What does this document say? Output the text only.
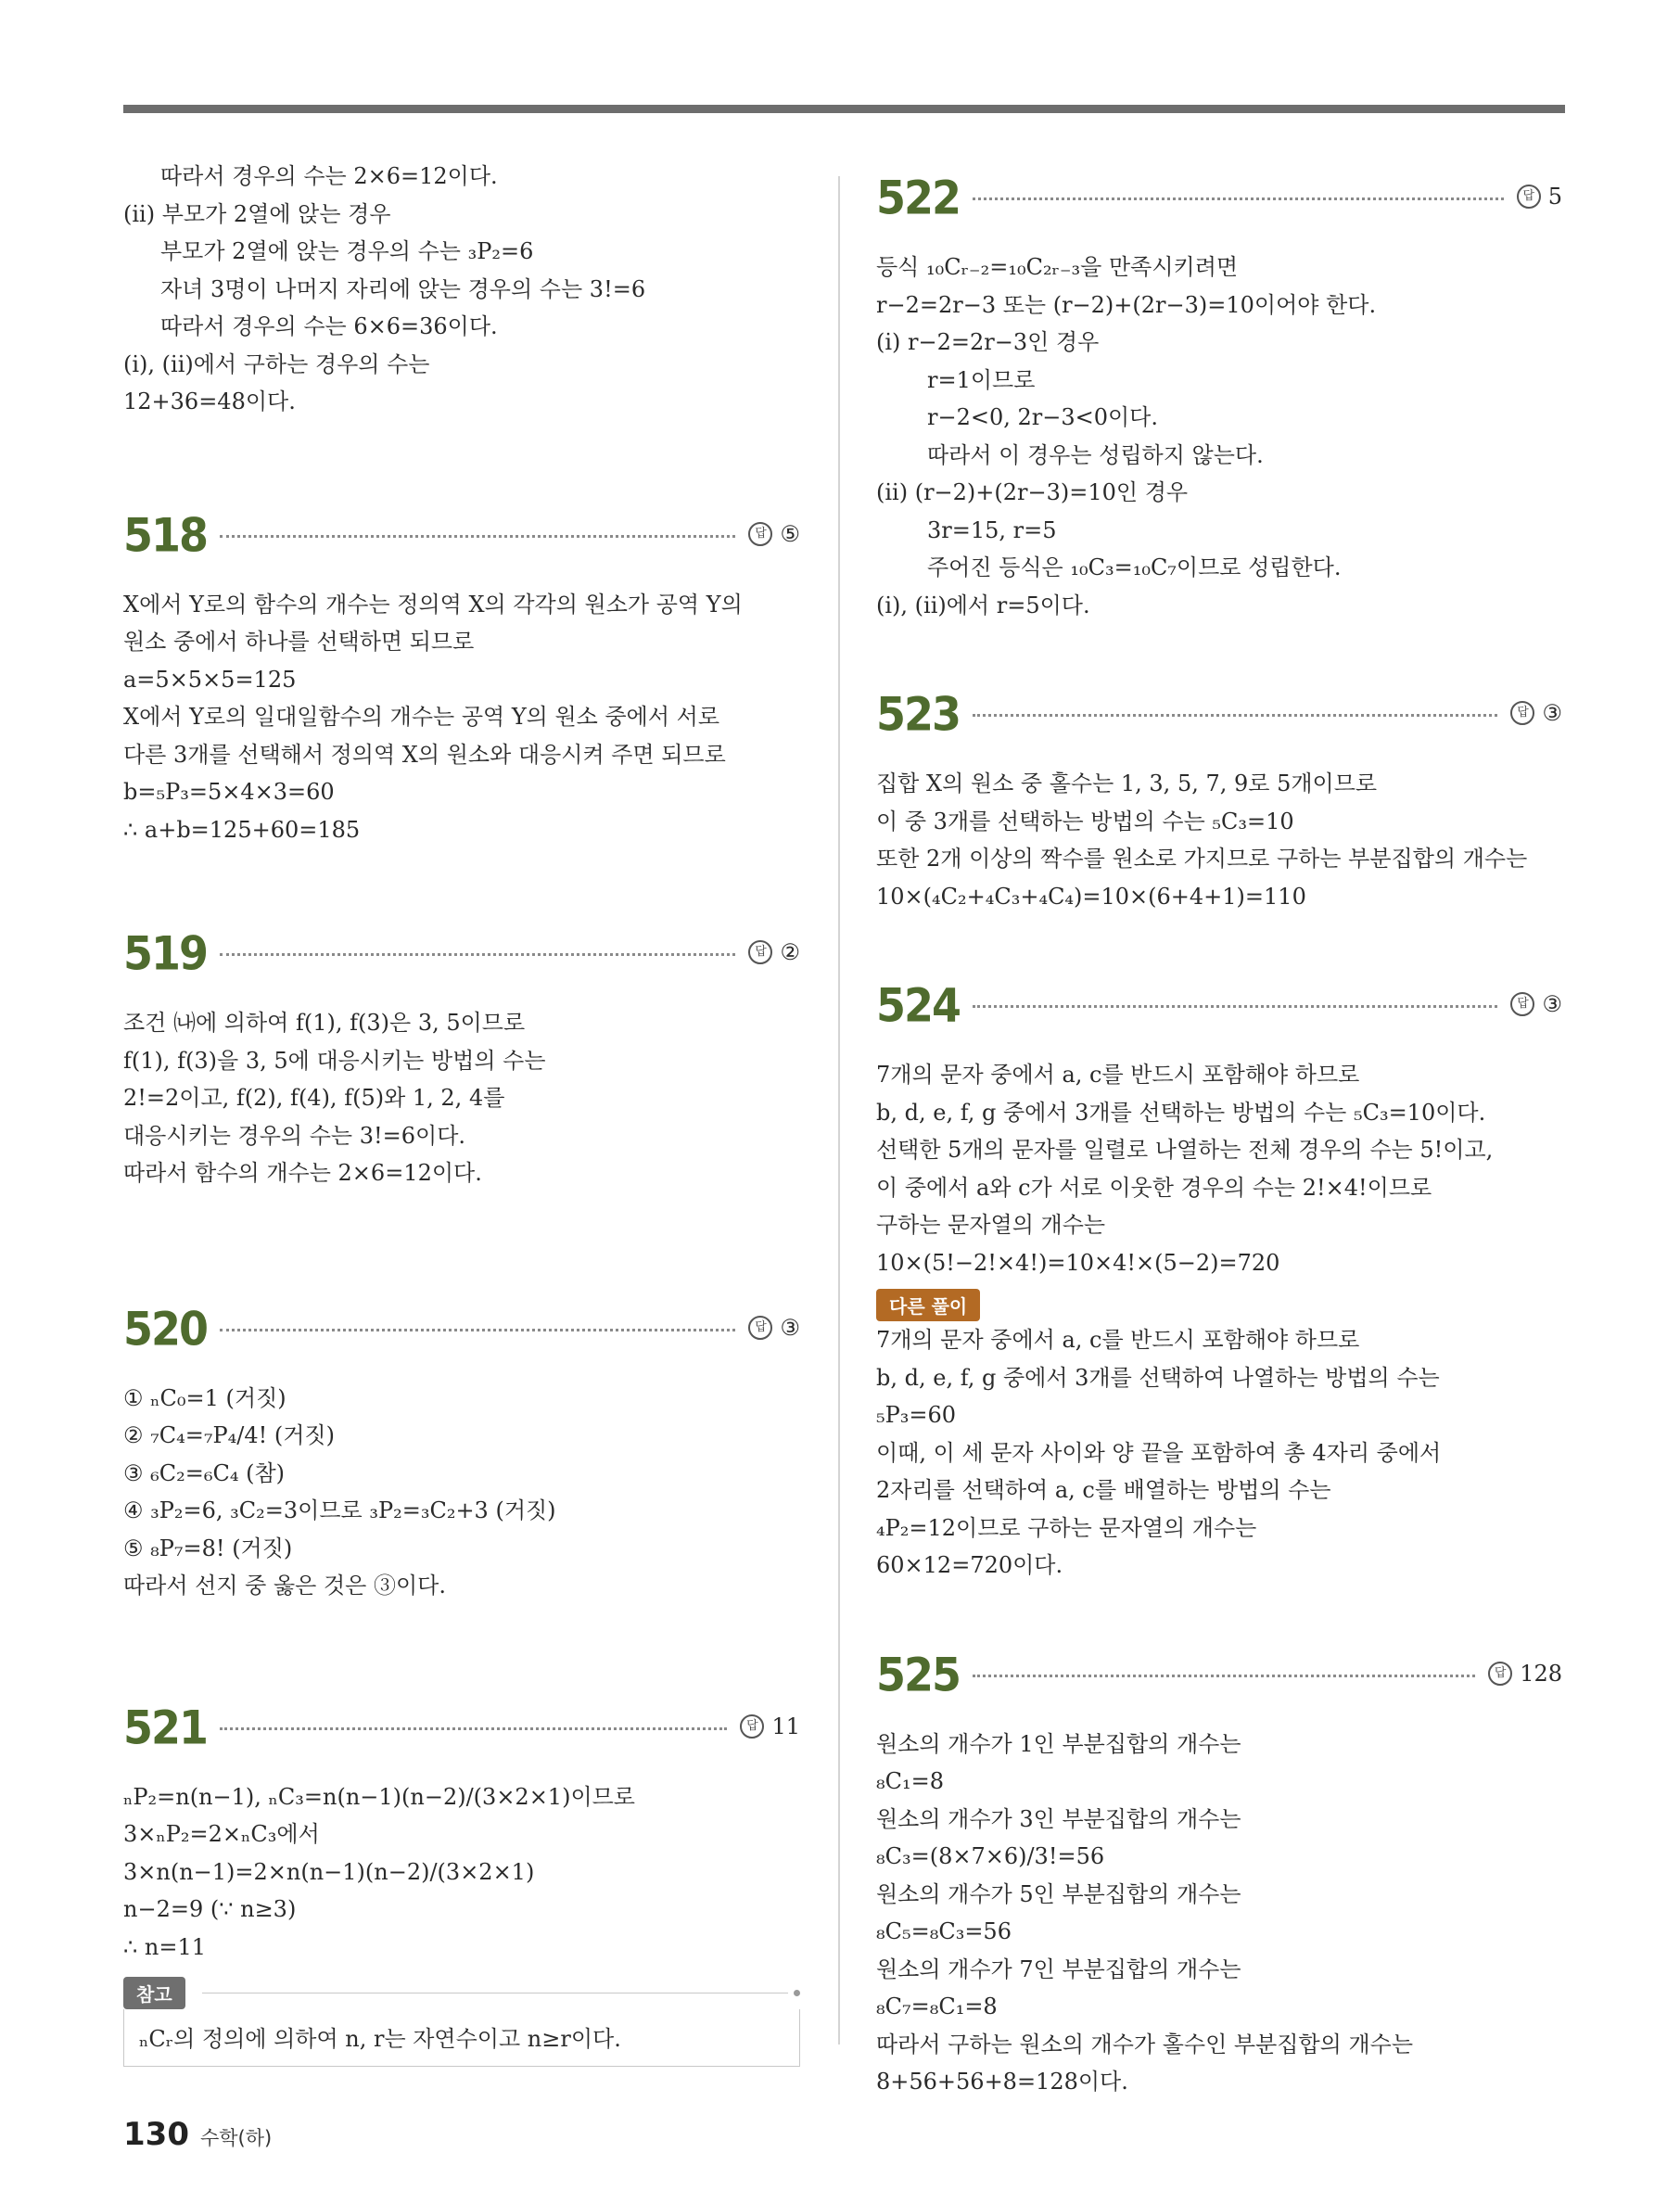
따라서 경우의 수는 2×6=12이다.
(ii) 부모가 2열에 앉는 경우
부모가 2열에 앉는 경우의 수는 ₃P₂=6
자녀 3명이 나머지 자리에 앉는 경우의 수는 3!=6
따라서 경우의 수는 6×6=36이다.
(i), (ii)에서 구하는 경우의 수는
12+36=48이다.
518	답 ⑤
X에서 Y로의 함수의 개수는 정의역 X의 각각의 원소가 공역 Y의
원소 중에서 하나를 선택하면 되므로
a=5×5×5=125
X에서 Y로의 일대일함수의 개수는 공역 Y의 원소 중에서 서로
다른 3개를 선택해서 정의역 X의 원소와 대응시켜 주면 되므로
b=₅P₃=5×4×3=60
∴ a+b=125+60=185
519	답 ②
조건 ㈏에 의하여 f(1), f(3)은 3, 5이므로
f(1), f(3)을 3, 5에 대응시키는 방법의 수는
2!=2이고, f(2), f(4), f(5)와 1, 2, 4를
대응시키는 경우의 수는 3!=6이다.
따라서 함수의 개수는 2×6=12이다.
520	답 ③
① ₙC₀=1 (거짓)
② ₇C₄=₇P₄/4! (거짓)
③ ₆C₂=₆C₄ (참)
④ ₃P₂=6, ₃C₂=3이므로 ₃P₂=₃C₂+3 (거짓)
⑤ ₈P₇=8! (거짓)
따라서 선지 중 옳은 것은 ③이다.
521	답 11
ₙP₂=n(n−1), ₙC₃=n(n−1)(n−2)/(3×2×1)이므로
3×ₙP₂=2×ₙC₃에서
3×n(n−1)=2×n(n−1)(n−2)/(3×2×1)
n−2=9 (∵ n≥3)
∴ n=11
참고
ₙCᵣ의 정의에 의하여 n, r는 자연수이고 n≥r이다.
522	답 5
등식 ₁₀Cᵣ₋₂=₁₀C₂ᵣ₋₃을 만족시키려면
r−2=2r−3 또는 (r−2)+(2r−3)=10이어야 한다.
(i) r−2=2r−3인 경우
r=1이므로
r−2<0, 2r−3<0이다.
따라서 이 경우는 성립하지 않는다.
(ii) (r−2)+(2r−3)=10인 경우
3r=15, r=5
주어진 등식은 ₁₀C₃=₁₀C₇이므로 성립한다.
(i), (ii)에서 r=5이다.
523	답 ③
집합 X의 원소 중 홀수는 1, 3, 5, 7, 9로 5개이므로
이 중 3개를 선택하는 방법의 수는 ₅C₃=10
또한 2개 이상의 짝수를 원소로 가지므로 구하는 부분집합의 개수는
10×(₄C₂+₄C₃+₄C₄)=10×(6+4+1)=110
524	답 ③
7개의 문자 중에서 a, c를 반드시 포함해야 하므로
b, d, e, f, g 중에서 3개를 선택하는 방법의 수는 ₅C₃=10이다.
선택한 5개의 문자를 일렬로 나열하는 전체 경우의 수는 5!이고,
이 중에서 a와 c가 서로 이웃한 경우의 수는 2!×4!이므로
구하는 문자열의 개수는
10×(5!−2!×4!)=10×4!×(5−2)=720
다른 풀이
7개의 문자 중에서 a, c를 반드시 포함해야 하므로
b, d, e, f, g 중에서 3개를 선택하여 나열하는 방법의 수는
₅P₃=60
이때, 이 세 문자 사이와 양 끝을 포함하여 총 4자리 중에서
2자리를 선택하여 a, c를 배열하는 방법의 수는
₄P₂=12이므로 구하는 문자열의 개수는
60×12=720이다.
525	답 128
원소의 개수가 1인 부분집합의 개수는
₈C₁=8
원소의 개수가 3인 부분집합의 개수는
₈C₃=(8×7×6)/3!=56
원소의 개수가 5인 부분집합의 개수는
₈C₅=₈C₃=56
원소의 개수가 7인 부분집합의 개수는
₈C₇=₈C₁=8
따라서 구하는 원소의 개수가 홀수인 부분집합의 개수는
8+56+56+8=128이다.
130 수학(하)
